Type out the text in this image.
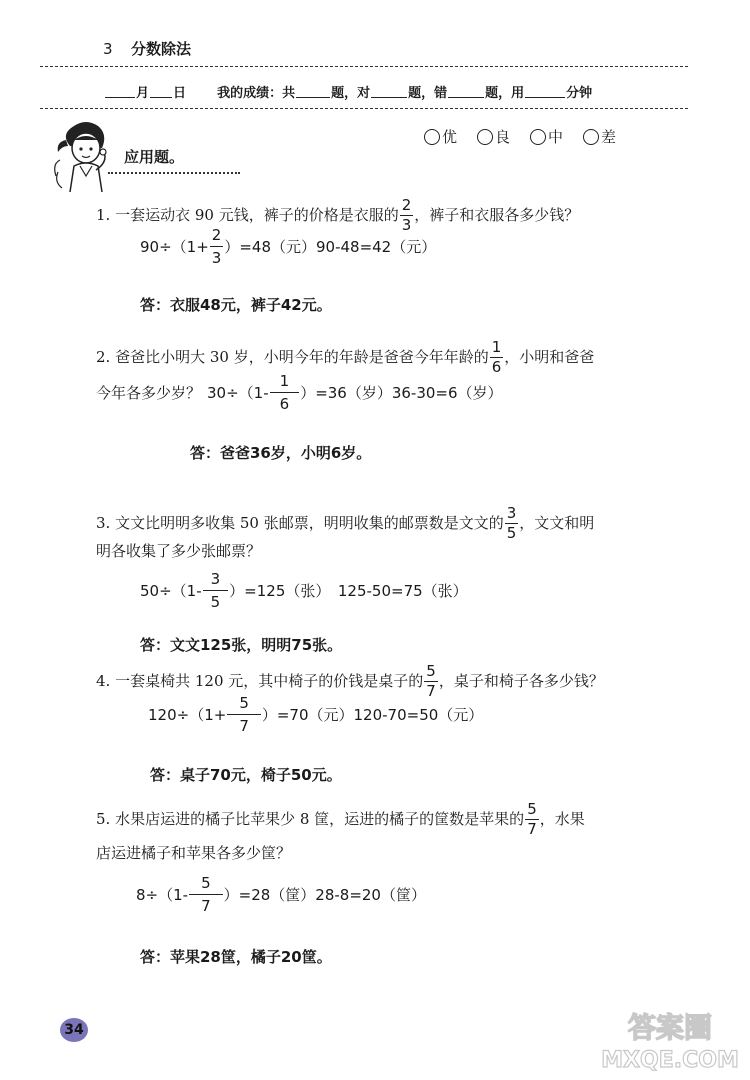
3 分数除法
月 日 我的成绩：共	题，对	题，错	题，用	分钟
应用题。
优	良	中	差
1. 一套运动衣 90 元钱，裤子的价格是衣服的 $\frac{2}{3}$ ，裤子和衣服各多少钱？
$90\div(1+ \frac{2}{3} )=48$（元）90-48=42（元）
答：衣服48元，裤子42元。
2. 爸爸比小明大 30 岁，小明今年的年龄是爸爸今年年龄的 $\frac{1}{6}$ ，小明和爸爸
今年各多少岁？ $30\div(1- \frac{1}{6} )=36$（岁）36-30=6（岁）
答：爸爸36岁，小明6岁。
3. 文文比明明多收集 50 张邮票，明明收集的邮票数是文文的 $\frac{3}{5}$ ，文文和明
明各收集了多少张邮票？
$50\div(1- \frac{3}{5} )=125$（张）　125-50=75（张）
答：文文125张，明明75张。
4. 一套桌椅共 120 元，其中椅子的价钱是桌子的 $\frac{5}{7}$ ，桌子和椅子各多少钱？
$120\div(1+ \frac{5}{7} )=70$（元）120-70=50（元）
答：桌子70元，椅子50元。
5. 水果店运进的橘子比苹果少 8 筐，运进的橘子的筐数是苹果的 $\frac{5}{7}$ ，水果
店运进橘子和苹果各多少筐？
$8\div(1- \frac{5}{7} )=28$（筐）28-8=20（筐）
答：苹果28筐，橘子20筐。
34	答案圈
MXQE.COM
